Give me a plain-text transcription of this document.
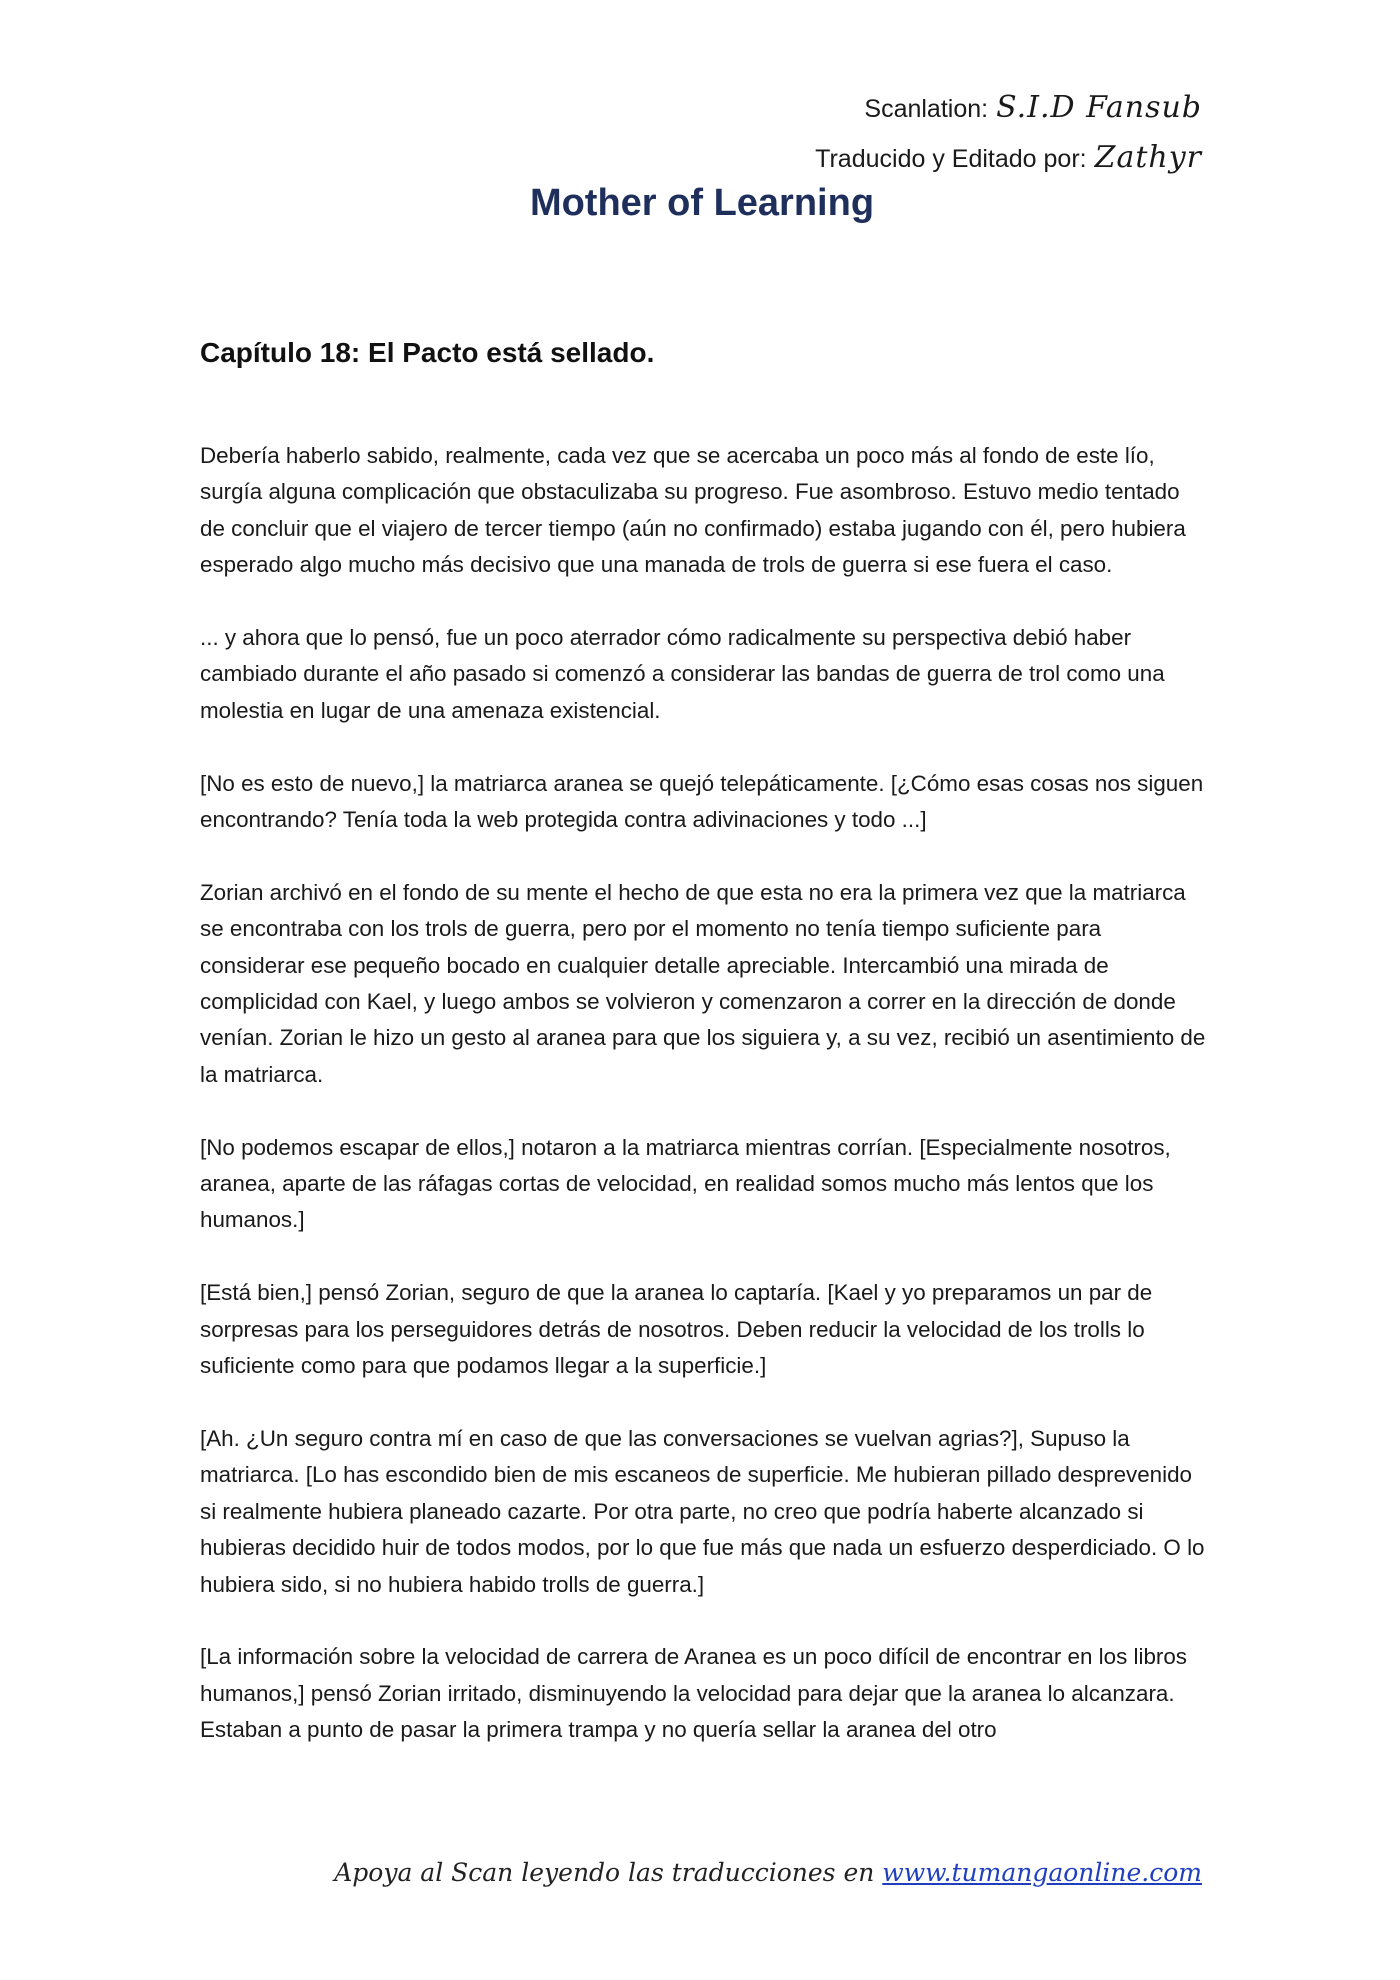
Scanlation: S.I.D Fansub
Traducido y Editado por: Zathyr
Mother of Learning
Capítulo 18: El Pacto está sellado.

Debería haberlo sabido, realmente, cada vez que se acercaba un poco más al fondo de este lío, surgía alguna complicación que obstaculizaba su progreso. Fue asombroso. Estuvo medio tentado de concluir que el viajero de tercer tiempo (aún no confirmado) estaba jugando con él, pero hubiera esperado algo mucho más decisivo que una manada de trols de guerra si ese fuera el caso.

... y ahora que lo pensó, fue un poco aterrador cómo radicalmente su perspectiva debió haber cambiado durante el año pasado si comenzó a considerar las bandas de guerra de trol como una molestia en lugar de una amenaza existencial.

[No es esto de nuevo,] la matriarca aranea se quejó telepáticamente. [¿Cómo esas cosas nos siguen encontrando? Tenía toda la web protegida contra adivinaciones y todo ...]

Zorian archivó en el fondo de su mente el hecho de que esta no era la primera vez que la matriarca se encontraba con los trols de guerra, pero por el momento no tenía tiempo suficiente para considerar ese pequeño bocado en cualquier detalle apreciable. Intercambió una mirada de complicidad con Kael, y luego ambos se volvieron y comenzaron a correr en la dirección de donde venían. Zorian le hizo un gesto al aranea para que los siguiera y, a su vez, recibió un asentimiento de la matriarca.

[No podemos escapar de ellos,] notaron a la matriarca mientras corrían. [Especialmente nosotros, aranea, aparte de las ráfagas cortas de velocidad, en realidad somos mucho más lentos que los humanos.]

[Está bien,] pensó Zorian, seguro de que la aranea lo captaría. [Kael y yo preparamos un par de sorpresas para los perseguidores detrás de nosotros. Deben reducir la velocidad de los trolls lo suficiente como para que podamos llegar a la superficie.]

[Ah. ¿Un seguro contra mí en caso de que las conversaciones se vuelvan agrias?], Supuso la matriarca. [Lo has escondido bien de mis escaneos de superficie. Me hubieran pillado desprevenido si realmente hubiera planeado cazarte. Por otra parte, no creo que podría haberte alcanzado si hubieras decidido huir de todos modos, por lo que fue más que nada un esfuerzo desperdiciado. O lo hubiera sido, si no hubiera habido trolls de guerra.]

[La información sobre la velocidad de carrera de Aranea es un poco difícil de encontrar en los libros humanos,] pensó Zorian irritado, disminuyendo la velocidad para dejar que la aranea lo alcanzara. Estaban a punto de pasar la primera trampa y no quería sellar la aranea del otro

Apoya al Scan leyendo las traducciones en www.tumangaonline.com
